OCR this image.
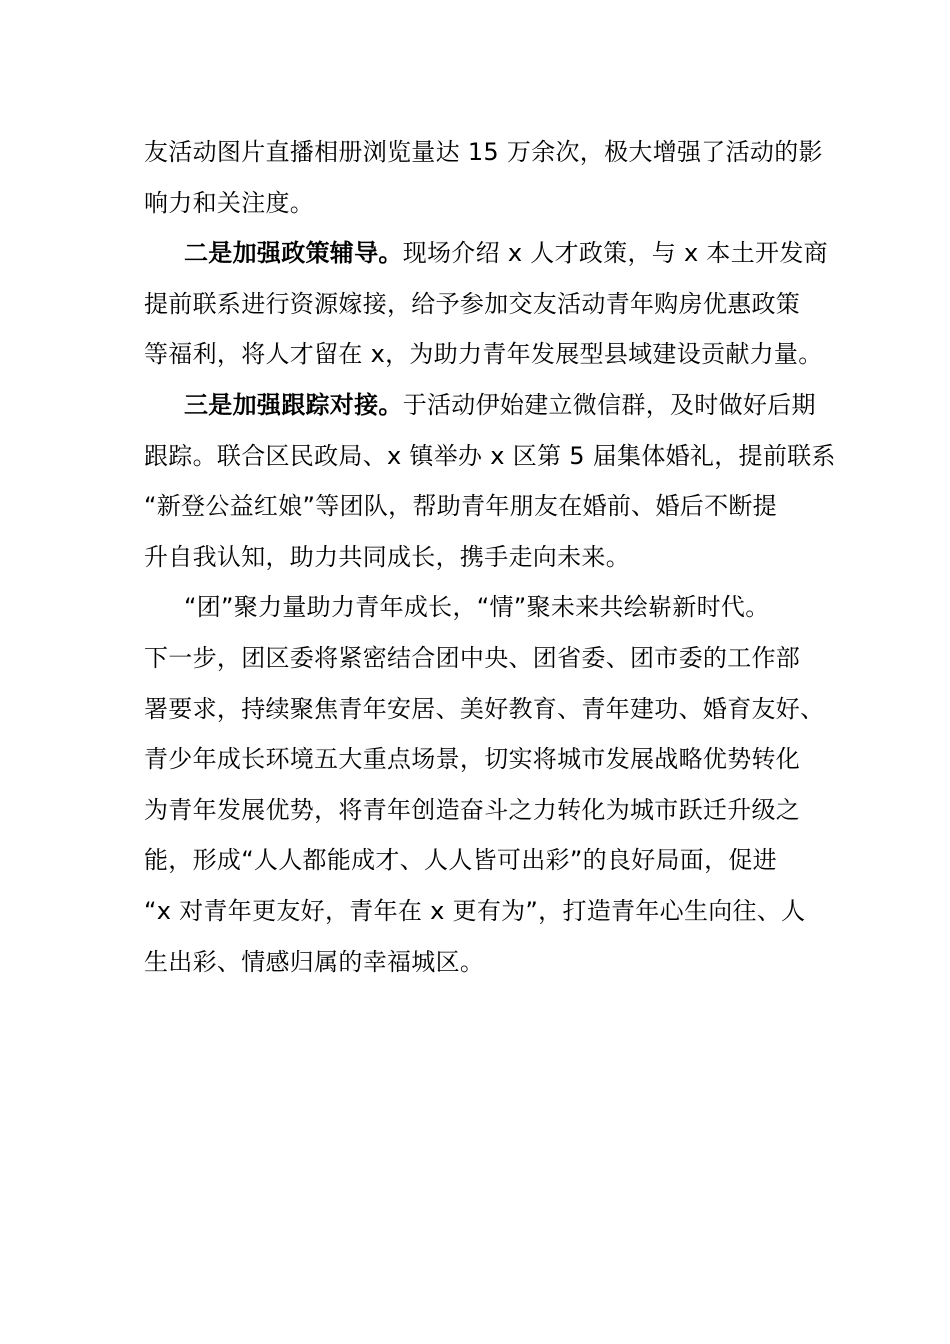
友活动图片直播相册浏览量达 15 万余次，极大增强了活动的影
响力和关注度。
二是加强政策辅导。现场介绍 x 人才政策，与 x 本土开发商
提前联系进行资源嫁接，给予参加交友活动青年购房优惠政策
等福利，将人才留在 x，为助力青年发展型县域建设贡献力量。
三是加强跟踪对接。于活动伊始建立微信群，及时做好后期
跟踪。联合区民政局、x 镇举办 x 区第 5 届集体婚礼，提前联系
“新登公益红娘”等团队，帮助青年朋友在婚前、婚后不断提
升自我认知，助力共同成长，携手走向未来。
“团”聚力量助力青年成长，“情”聚未来共绘崭新时代。
下一步，团区委将紧密结合团中央、团省委、团市委的工作部
署要求，持续聚焦青年安居、美好教育、青年建功、婚育友好、
青少年成长环境五大重点场景，切实将城市发展战略优势转化
为青年发展优势，将青年创造奋斗之力转化为城市跃迁升级之
能，形成“人人都能成才、人人皆可出彩”的良好局面，促进
“x 对青年更友好，青年在 x 更有为”，打造青年心生向往、人
生出彩、情感归属的幸福城区。
